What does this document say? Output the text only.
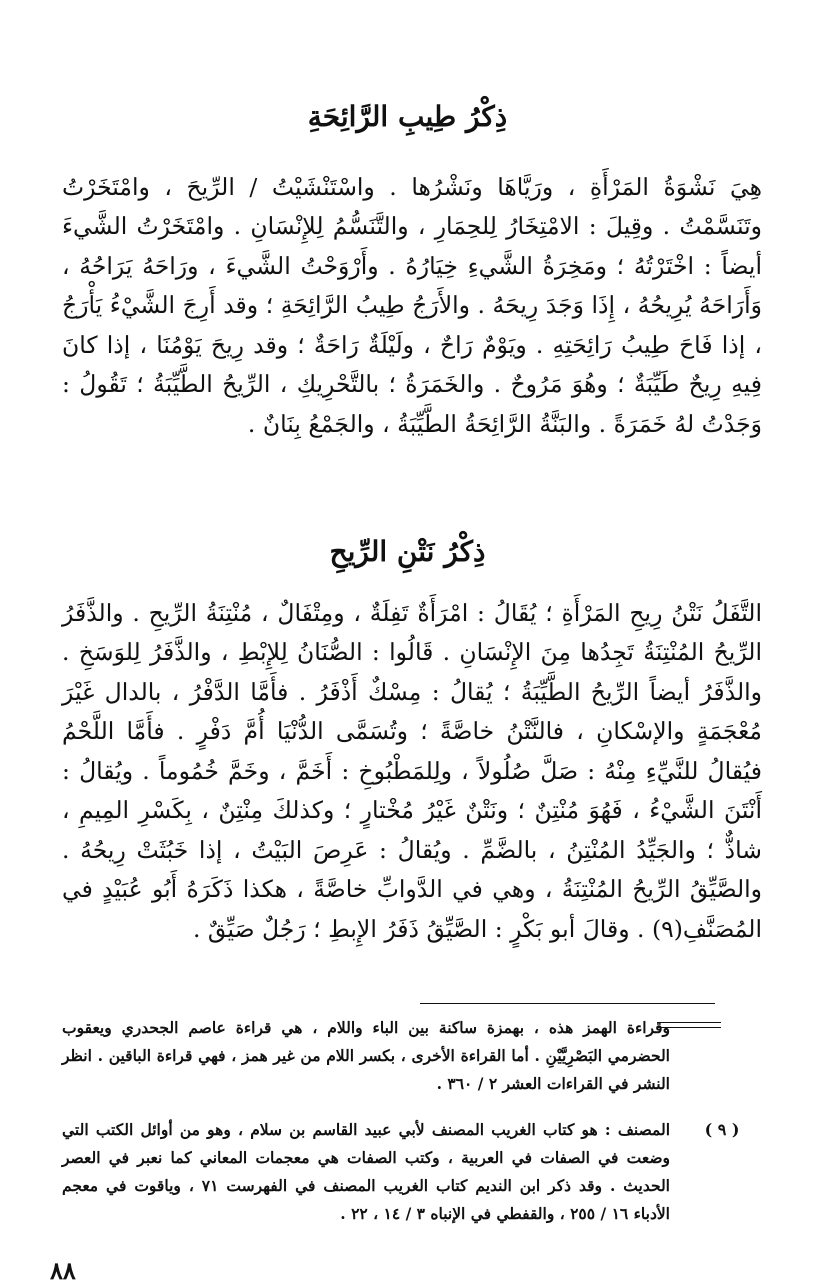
ذِكْرُ طِيبِ الرَّائِحَةِ

هِيَ نَشْوَةُ المَرْأَةِ ، ورَيَّاهَا ونَشْرُها . واسْتَنْشَيْتُ / الرِّيحَ ، وامْتَخَرْتُ وتَنَسَّمْتُ . وقِيلَ : الامْتِخَارُ لِلحِمَارِ ، والتَّنَسُّمُ لِلإِنْسَانِ . وامْتَخَرْتُ الشَّيءَ أيضاً : اخْتَرْتُهُ ؛ ومَخِرَةُ الشَّيءِ خِيَارُهُ . وأَرْوَحْتُ الشَّيءَ ، ورَاحَهُ يَرَاحُهُ ، وَأَرَاحَهُ يُرِيحُهُ ، إِذَا وَجَدَ رِيحَهُ . والأَرَجُ طِيبُ الرَّائِحَةِ ؛ وقد أَرِجَ الشَّيْءُ يَأْرَجُ ، إذا فَاحَ طِيبُ رَائِحَتِهِ . ويَوْمٌ رَاحٌ ، ولَيْلَةٌ رَاحَةٌ ؛ وقد رِيحَ يَوْمُنَا ، إذا كانَ فِيهِ رِيحٌ طَيِّبَةٌ ؛ وهُوَ مَرُوحٌ . والخَمَرَةُ ؛ بالتَّحْرِيكِ ، الرِّيحُ الطَّيِّبَةُ ؛ تَقُولُ : وَجَدْتُ لهُ خَمَرَةً . والبَنَّةُ الرَّائِحَةُ الطَّيِّبَةُ ، والجَمْعُ بِنَانٌ .

ذِكْرُ نَتْنِ الرِّيحِ

التَّفَلُ نَتْنُ رِيحِ المَرْأَةِ ؛ يُقَالُ : امْرَأَةٌ تَفِلَةٌ ، ومِتْفَالٌ ، مُنْتِنَةُ الرِّيحِ . والذَّفَرُ الرِّيحُ المُنْتِنَةُ تَجِدُها مِنَ الإِنْسَانِ . قَالُوا : الصُّنَانُ لِلإِبْطِ ، والذَّفَرُ لِلوَسَخِ . والذَّفَرُ أيضاً الرِّيحُ الطَّيِّبَةُ ؛ يُقالُ : مِسْكٌ أَذْفَرُ . فأَمَّا الدَّفْرُ ، بالدال غَيْرَ مُعْجَمَةٍ والإسْكانِ ، فالنَّتْنُ خاصَّةً ؛ وتُسَمَّى الدُّنْيَا أُمَّ دَفْرٍ . فأَمَّا اللَّحْمُ فيُقالُ للنَّيِّءِ مِنْهُ : صَلَّ صُلُولاً ، ولِلمَطْبُوخِ : أَخَمَّ ، وخَمَّ خُمُوماً . ويُقالُ : أَنْتَنَ الشَّيْءُ ، فَهُوَ مُنْتِنٌ ؛ ونَتْنٌ غَيْرُ مُخْتارٍ ؛ وكذلكَ مِنْتِنٌ ، بِكَسْرِ المِيمِ ، شاذٌّ ؛ والجَيِّدُ المُنْتِنُ ، بالضَّمِّ . ويُقالُ : عَرِصَ البَيْتُ ، إذا خَبُثَتْ رِيحُهُ . والصَّيِّقُ الرِّيحُ المُنْتِنَةُ ، وهي في الدَّوابِّ خاصَّةً ، هكذا ذَكَرَهُ أَبُو عُبَيْدٍ في المُصَنَّفِ(٩) . وقالَ أبو بَكْرٍ : الصَّيِّقُ ذَفَرُ الإِبطِ ؛ رَجُلٌ صَيِّقٌ .

وقراءة الهمز هذه ، بهمزة ساكنة بين الباء واللام ، هي قراءة عاصم الجحدري ويعقوب الحضرمي البَصْرِيَّيْنِ . أما القراءة الأخرى ، بكسر اللام من غير همز ، فهي قراءة الباقين . انظر النشر في القراءات العشر ٢ / ٣٦٠ .
( ٩ )
المصنف : هو كتاب الغريب المصنف لأبي عبيد القاسم بن سلام ، وهو من أوائل الكتب التي وضعت في الصفات في العربية ، وكتب الصفات هي معجمات المعاني كما نعبر في العصر الحديث . وقد ذكر ابن النديم كتاب الغريب المصنف في الفهرست ٧١ ، وياقوت في معجم الأدباء ١٦ / ٢٥٥ ، والقفطي في الإنباه ٣ / ١٤ ، ٢٢ .
٨٨
